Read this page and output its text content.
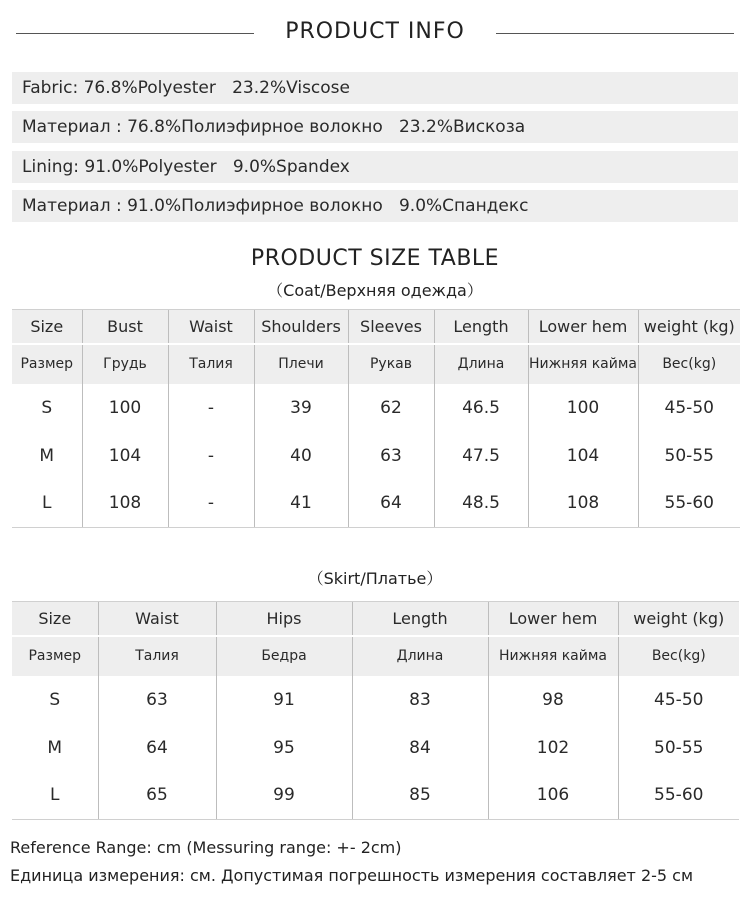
PRODUCT INFO
Fabric: 76.8%Polyester   23.2%Viscose
Материал : 76.8%Полиэфирное волокно   23.2%Вискоза
Lining: 91.0%Polyester   9.0%Spandex
Материал : 91.0%Полиэфирное волокно   9.0%Спандекс
PRODUCT SIZE TABLE
（Coat/Верхняя одежда）
Size	Bust	Waist	Shoulders	Sleeves	Length	Lower hem	weight (kg)
Размер	Грудь	Талия	Плечи	Рукав	Длина	Нижняя кайма	Вес(kg)
S	100	-	39	62	46.5	100	45-50
M	104	-	40	63	47.5	104	50-55
L	108	-	41	64	48.5	108	55-60
（Skirt/Платье）
Size	Waist	Hips	Length	Lower hem	weight (kg)
Размер	Талия	Бедра	Длина	Нижняя кайма	Вес(kg)
S	63	91	83	98	45-50
M	64	95	84	102	50-55
L	65	99	85	106	55-60
Reference Range: cm (Messuring range: +- 2cm)
Единица измерения: см. Допустимая погрешность измерения составляет 2-5 см
